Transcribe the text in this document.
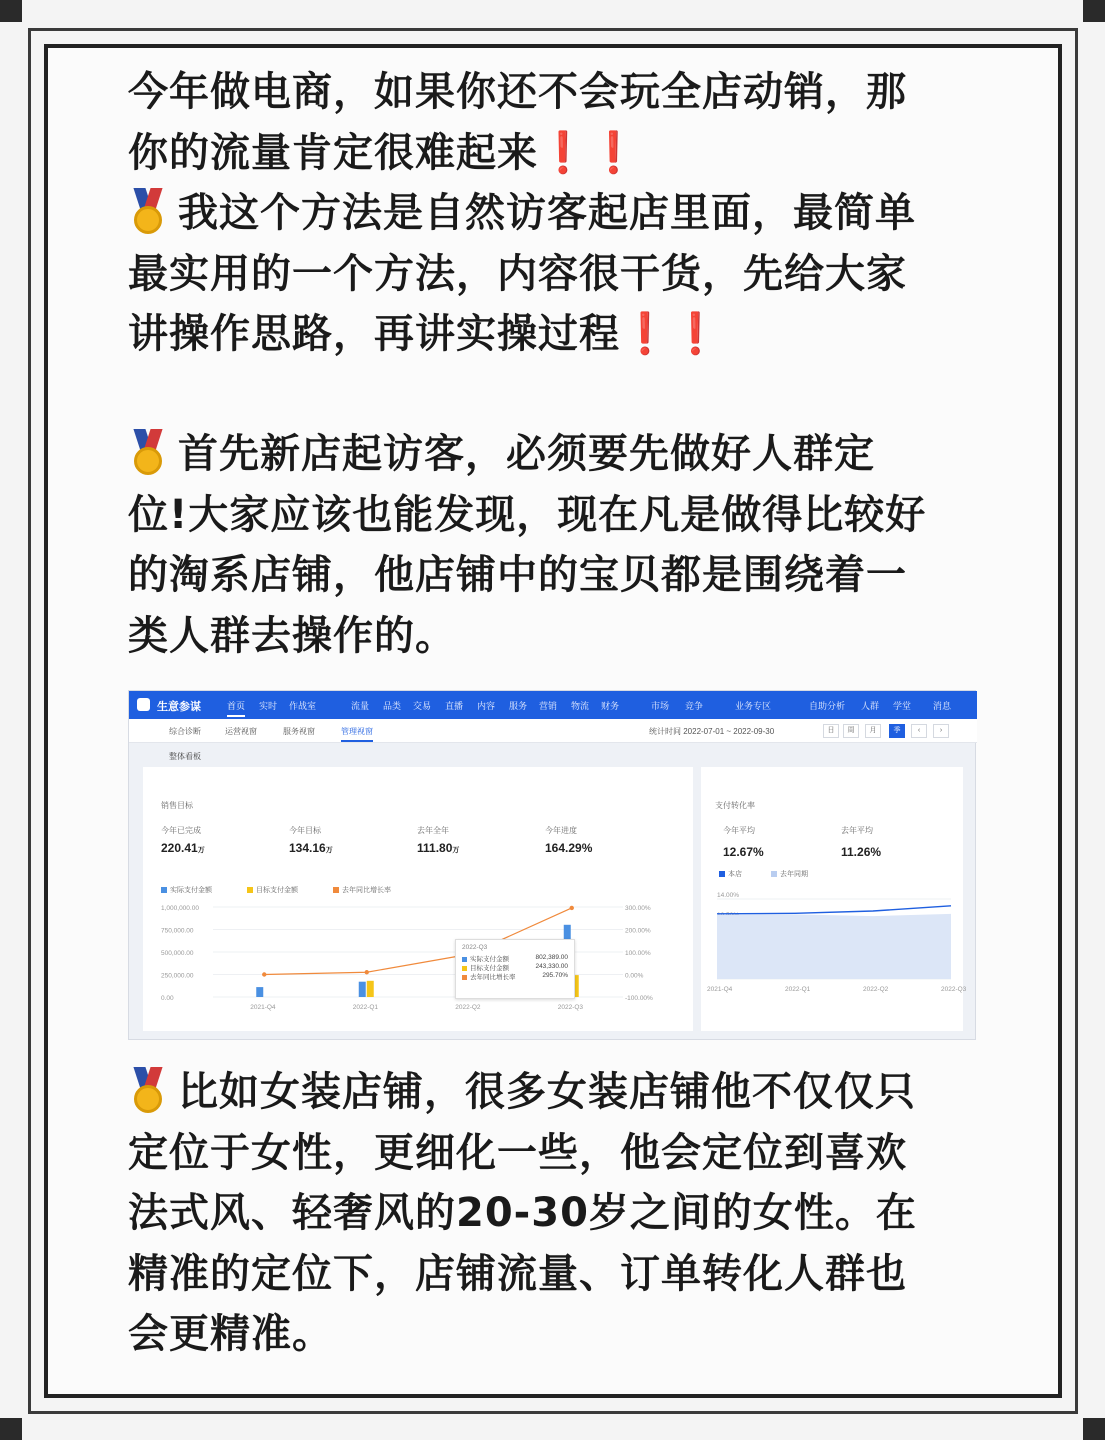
今年做电商，如果你还不会玩全店动销，那
你的流量肯定很难起来❗️❗️
我这个方法是自然访客起店里面，最简单
最实用的一个方法，内容很干货，先给大家
讲操作思路，再讲实操过程❗️❗️
首先新店起访客，必须要先做好人群定
位!大家应该也能发现，现在凡是做得比较好
的淘系店铺，他店铺中的宝贝都是围绕着一
类人群去操作的。
生意参谋	首页 实时 作战室	流量 品类 交易 直播 内容 服务 营销 物流 财务	市场 竞争	业务专区	自助分析 人群 学堂 消息
综合诊断	运营视窗	服务视窗	管理视窗	统计时间 2022-07-01 ~ 2022-09-30	日	周	月	季	‹	›
整体看板
销售目标
今年已完成
220.41万
今年目标
134.16万
去年全年
111.80万
今年进度
164.29%
实际支付金额	目标支付金额	去年同比增长率
1,000,000.00
750,000.00
500,000.00
250,000.00
0.00
300.00%
200.00%
100.00%
0.00%
-100.00%
2021-Q4	2022-Q1	2022-Q2	2022-Q3
2022-Q3
实际支付金额	802,389.00
目标支付金额	243,330.00
去年同比增长率	295.70%
支付转化率
今年平均
12.67%
去年平均
11.26%
本店	去年同期
14.00%
2021-Q4	2022-Q1	2022-Q2	2022-Q3
比如女装店铺，很多女装店铺他不仅仅只
定位于女性，更细化一些，他会定位到喜欢
法式风、轻奢风的20-30岁之间的女性。在
精准的定位下，店铺流量、订单转化人群也
会更精准。
